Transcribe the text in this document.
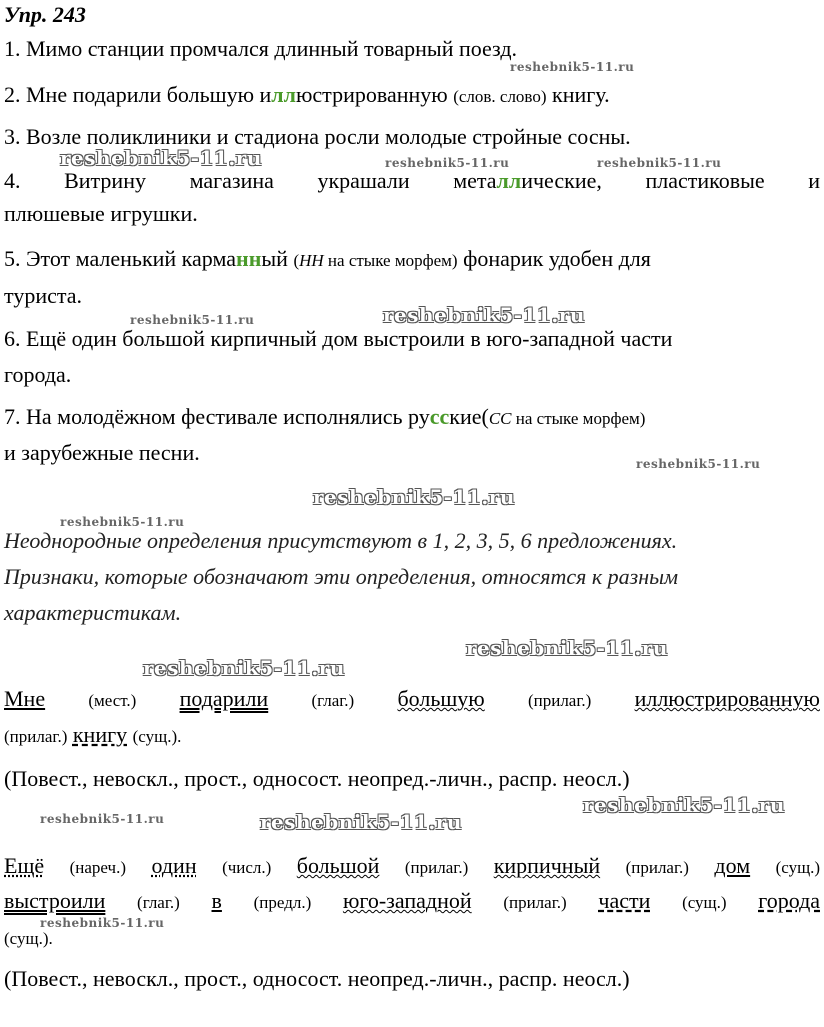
Упр. 243
1. Мимо станции промчался длинный товарный поезд.
2. Мне подарили большую иллюстрированную (слов. слово) книгу.
3. Возле поликлиники и стадиона росли молодые стройные сосны.
4. Витрину магазина украшали металлические, пластиковые и
плюшевые игрушки.
5. Этот маленький карманный (НН на стыке морфем) фонарик удобен для
туриста.
6. Ещё один большой кирпичный дом выстроили в юго-западной части
города.
7. На молодёжном фестивале исполнялись русские(СС на стыке морфем)
и зарубежные песни.
Неоднородные определения присутствуют в 1, 2, 3, 5, 6 предложениях.
Признаки, которые обозначают эти определения, относятся к разным
характеристикам.
Мне	(мест.) подарили	(глаг.) большую	(прилаг.) иллюстрированную
(прилаг.) книгу (сущ.).
(Повест., невоскл., прост., односост. неопред.-личн., распр. неосл.)
Ещё (нареч.) один (числ.) большой (прилаг.) кирпичный (прилаг.) дом (сущ.)
выстроили (глаг.) в (предл.) юго-западной (прилаг.) части (сущ.) города
(сущ.).
(Повест., невоскл., прост., односост. неопред.-личн., распр. неосл.)
reshebnik5-11.ru
reshebnik5-11.ru	reshebnik5-11.ru	reshebnik5-11.ru
reshebnik5-11.ru	reshebnik5-11.ru
reshebnik5-11.ru
reshebnik5-11.ru
reshebnik5-11.ru
reshebnik5-11.ru
reshebnik5-11.ru
reshebnik5-11.ru
reshebnik5-11.ru	reshebnik5-11.ru
reshebnik5-11.ru
